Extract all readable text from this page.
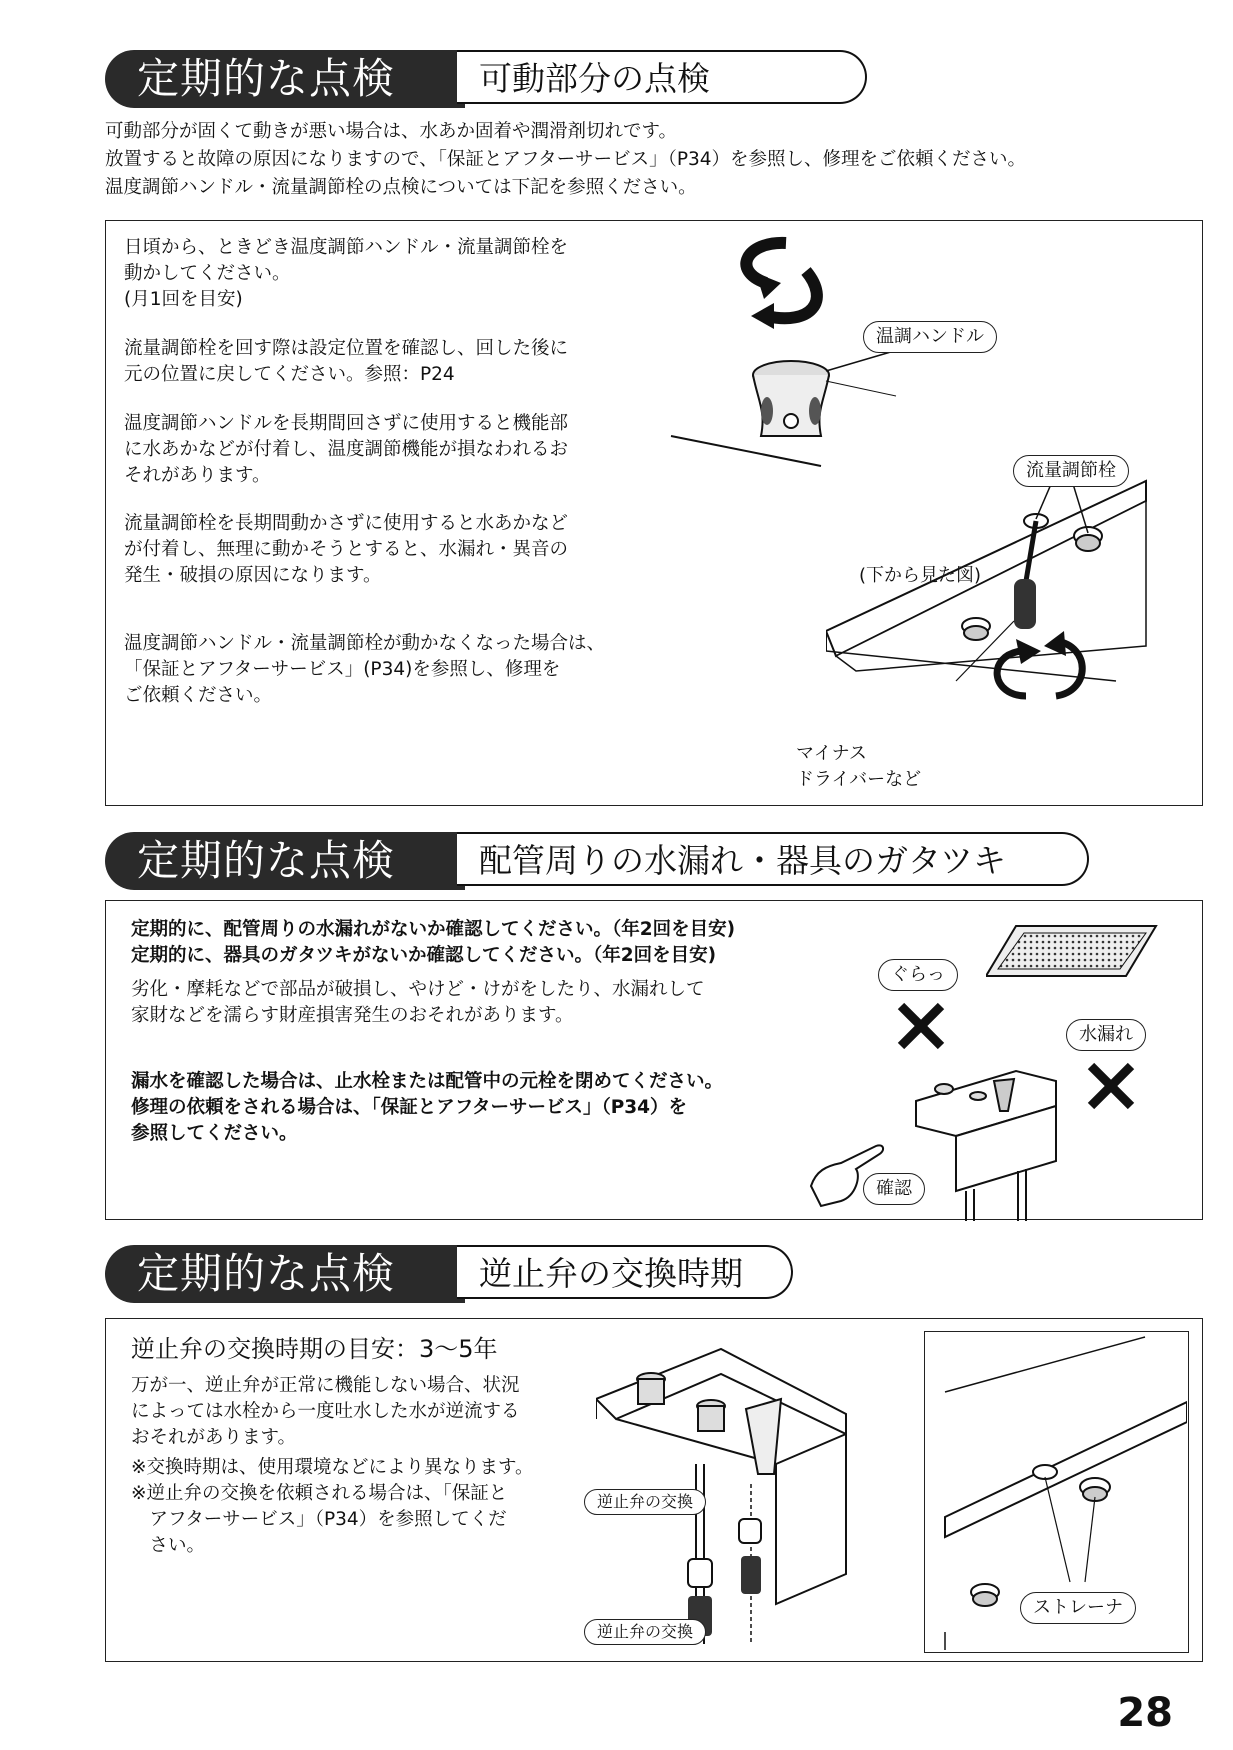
定期的な点検	可動部分の点検
可動部分が固くて動きが悪い場合は、水あか固着や潤滑剤切れです。
放置すると故障の原因になりますので、「保証とアフターサービス」（P34）を参照し、修理をご依頼ください。
温度調節ハンドル・流量調節栓の点検については下記を参照ください。
日頃から、ときどき温度調節ハンドル・流量調節栓を
動かしてください。
(月1回を目安)
流量調節栓を回す際は設定位置を確認し、回した後に
元の位置に戻してください。参照：P24
温度調節ハンドルを長期間回さずに使用すると機能部
に水あかなどが付着し、温度調節機能が損なわれるお
それがあります。
流量調節栓を長期間動かさずに使用すると水あかなど
が付着し、無理に動かそうとすると、水漏れ・異音の
発生・破損の原因になります。
温度調節ハンドル・流量調節栓が動かなくなった場合は、
「保証とアフターサービス」(P34)を参照し、修理を
ご依頼ください。
温調ハンドル
流量調節栓
(下から見た図)
マイナス
ドライバーなど
定期的な点検	配管周りの水漏れ・器具のガタツキ
定期的に、配管周りの水漏れがないか確認してください。（年2回を目安)
定期的に、器具のガタツキがないか確認してください。（年2回を目安)
劣化・摩耗などで部品が破損し、やけど・けがをしたり、水漏れして
家財などを濡らす財産損害発生のおそれがあります。
漏水を確認した場合は、止水栓または配管中の元栓を閉めてください。
修理の依頼をされる場合は、「保証とアフターサービス」（P34）を
参照してください。
ぐらっ
水漏れ
確認
定期的な点検	逆止弁の交換時期
逆止弁の交換時期の目安：3～5年
万が一、逆止弁が正常に機能しない場合、状況
によっては水栓から一度吐水した水が逆流する
おそれがあります。
※交換時期は、使用環境などにより異なります。
※逆止弁の交換を依頼される場合は、「保証と
　アフターサービス」（P34）を参照してくだ
　さい。
逆止弁の交換
逆止弁の交換
ストレーナ
28
